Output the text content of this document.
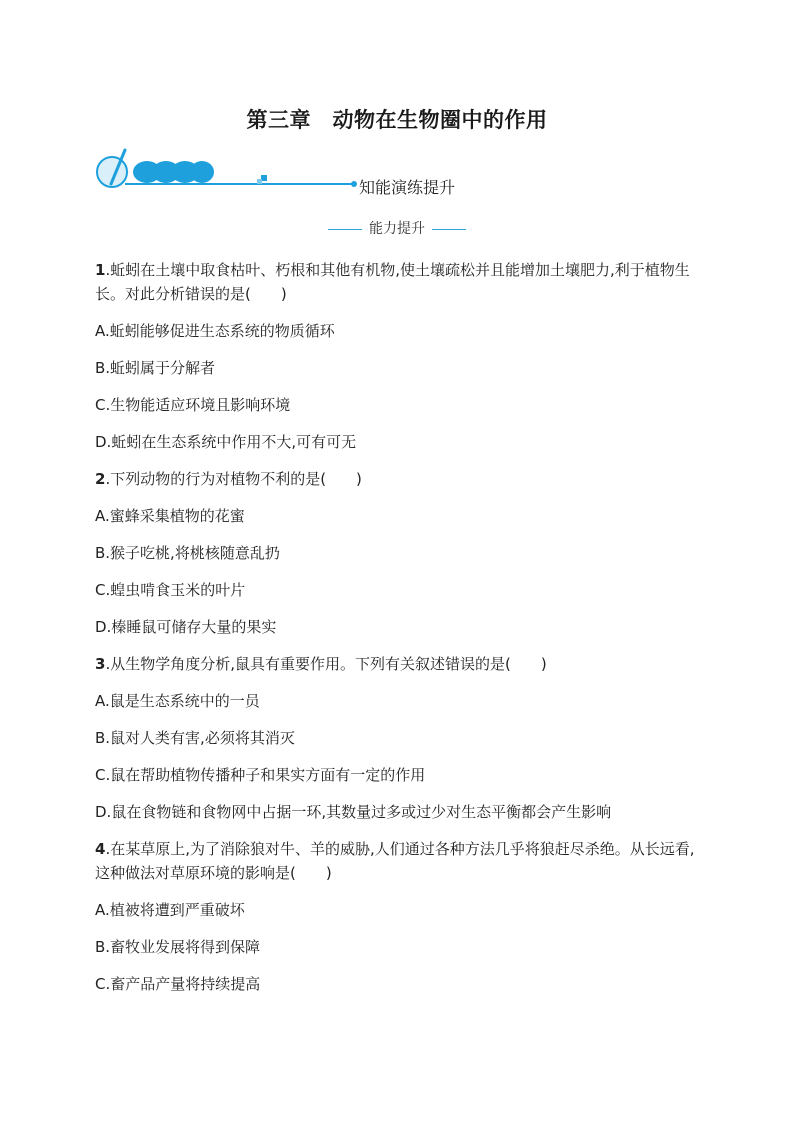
第三章　动物在生物圈中的作用
知能演练提升
能力提升

1.蚯蚓在土壤中取食枯叶、朽根和其他有机物,使土壤疏松并且能增加土壤肥力,利于植物生长。对此分析错误的是(　　)

A.蚯蚓能够促进生态系统的物质循环

B.蚯蚓属于分解者

C.生物能适应环境且影响环境

D.蚯蚓在生态系统中作用不大,可有可无

2.下列动物的行为对植物不利的是(　　)

A.蜜蜂采集植物的花蜜

B.猴子吃桃,将桃核随意乱扔

C.蝗虫啃食玉米的叶片

D.榛睡鼠可储存大量的果实

3.从生物学角度分析,鼠具有重要作用。下列有关叙述错误的是(　　)

A.鼠是生态系统中的一员

B.鼠对人类有害,必须将其消灭

C.鼠在帮助植物传播种子和果实方面有一定的作用

D.鼠在食物链和食物网中占据一环,其数量过多或过少对生态平衡都会产生影响

4.在某草原上,为了消除狼对牛、羊的威胁,人们通过各种方法几乎将狼赶尽杀绝。从长远看,这种做法对草原环境的影响是(　　)

A.植被将遭到严重破坏

B.畜牧业发展将得到保障

C.畜产品产量将持续提高
